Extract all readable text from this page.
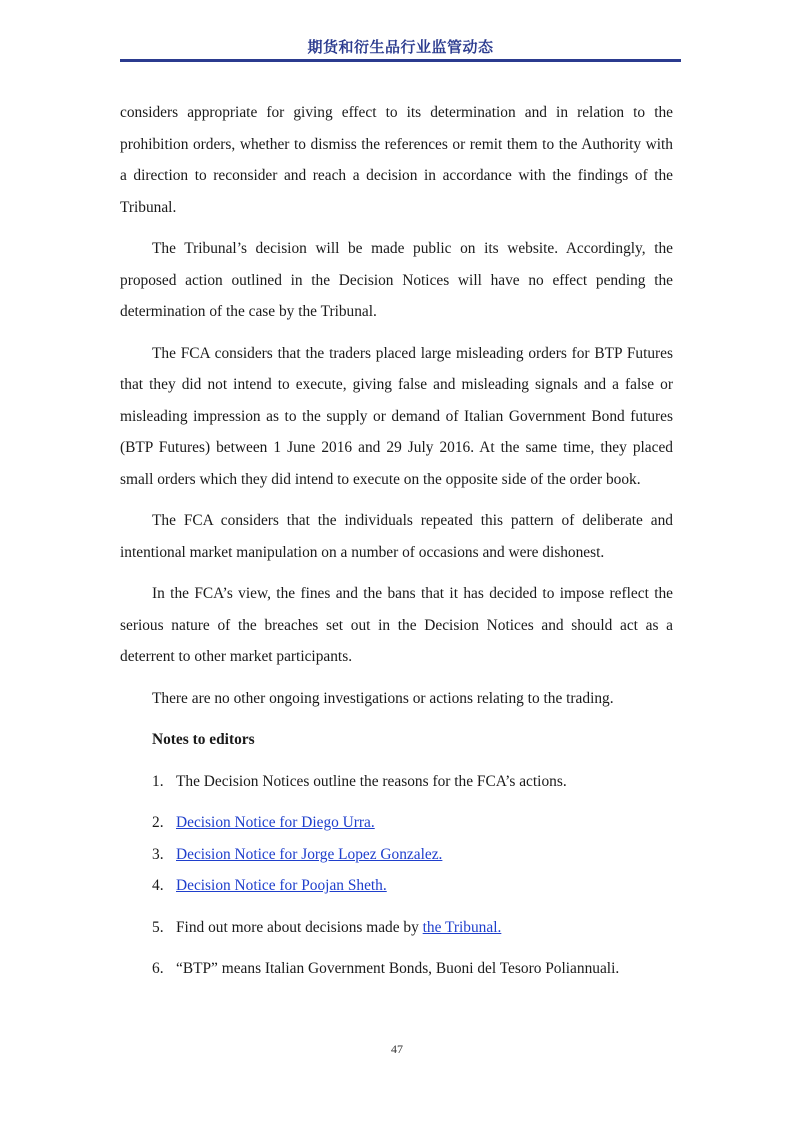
期货和衍生品行业监管动态

considers appropriate for giving effect to its determination and in relation to the prohibition orders, whether to dismiss the references or remit them to the Authority with a direction to reconsider and reach a decision in accordance with the findings of the Tribunal.

The Tribunal’s decision will be made public on its website. Accordingly, the proposed action outlined in the Decision Notices will have no effect pending the determination of the case by the Tribunal.

The FCA considers that the traders placed large misleading orders for BTP Futures that they did not intend to execute, giving false and misleading signals and a false or misleading impression as to the supply or demand of Italian Government Bond futures (BTP Futures) between 1 June 2016 and 29 July 2016. At the same time, they placed small orders which they did intend to execute on the opposite side of the order book.

The FCA considers that the individuals repeated this pattern of deliberate and intentional market manipulation on a number of occasions and were dishonest.

In the FCA’s view, the fines and the bans that it has decided to impose reflect the serious nature of the breaches set out in the Decision Notices and should act as a deterrent to other market participants.

There are no other ongoing investigations or actions relating to the trading.

Notes to editors
1. The Decision Notices outline the reasons for the FCA’s actions.
2. Decision Notice for Diego Urra.
3. Decision Notice for Jorge Lopez Gonzalez.
4. Decision Notice for Poojan Sheth.
5. Find out more about decisions made by the Tribunal.
6. “BTP” means Italian Government Bonds, Buoni del Tesoro Poliannuali.
47
